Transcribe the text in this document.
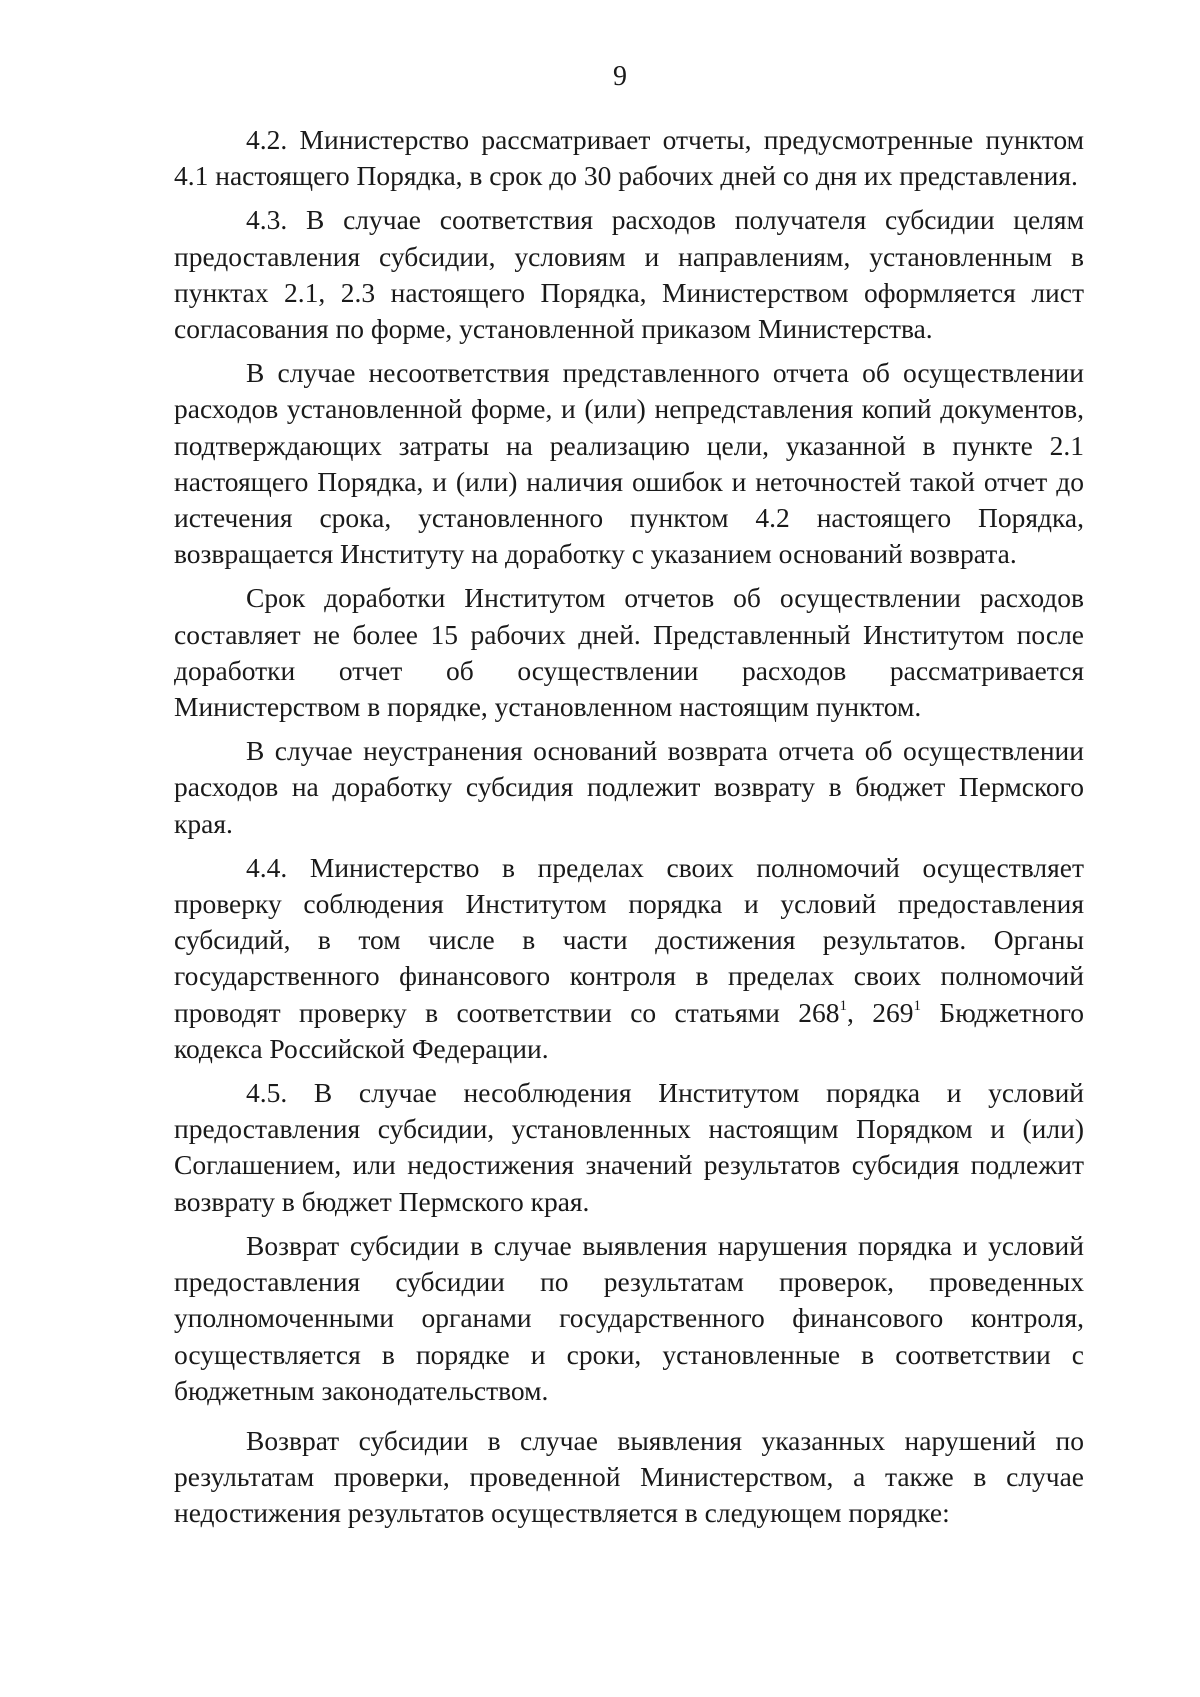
9

4.2. Министерство рассматривает отчеты, предусмотренные пунктом 4.1 настоящего Порядка, в срок до 30 рабочих дней со дня их представления.

4.3. В случае соответствия расходов получателя субсидии целям предоставления субсидии, условиям и направлениям, установленным в пунктах 2.1, 2.3 настоящего Порядка, Министерством оформляется лист согласования по форме, установленной приказом Министерства.

В случае несоответствия представленного отчета об осуществлении расходов установленной форме, и (или) непредставления копий документов, подтверждающих затраты на реализацию цели, указанной в пункте 2.1 настоящего Порядка, и (или) наличия ошибок и неточностей такой отчет до истечения срока, установленного пунктом 4.2 настоящего Порядка, возвращается Институту на доработку с указанием оснований возврата.

Срок доработки Институтом отчетов об осуществлении расходов составляет не более 15 рабочих дней. Представленный Институтом после доработки отчет об осуществлении расходов рассматривается Министерством в порядке, установленном настоящим пунктом.

В случае неустранения оснований возврата отчета об осуществлении расходов на доработку субсидия подлежит возврату в бюджет Пермского края.

4.4. Министерство в пределах своих полномочий осуществляет проверку соблюдения Институтом порядка и условий предоставления субсидий, в том числе в части достижения результатов. Органы государственного финансового контроля в пределах своих полномочий проводят проверку в соответствии со статьями $268^1$, $269^1$ Бюджетного кодекса Российской Федерации.

4.5. В случае несоблюдения Институтом порядка и условий предоставления субсидии, установленных настоящим Порядком и (или) Соглашением, или недостижения значений результатов субсидия подлежит возврату в бюджет Пермского края.

Возврат субсидии в случае выявления нарушения порядка и условий предоставления субсидии по результатам проверок, проведенных уполномоченными органами государственного финансового контроля, осуществляется в порядке и сроки, установленные в соответствии с бюджетным законодательством.

Возврат субсидии в случае выявления указанных нарушений по результатам проверки, проведенной Министерством, а также в случае недостижения результатов осуществляется в следующем порядке:
